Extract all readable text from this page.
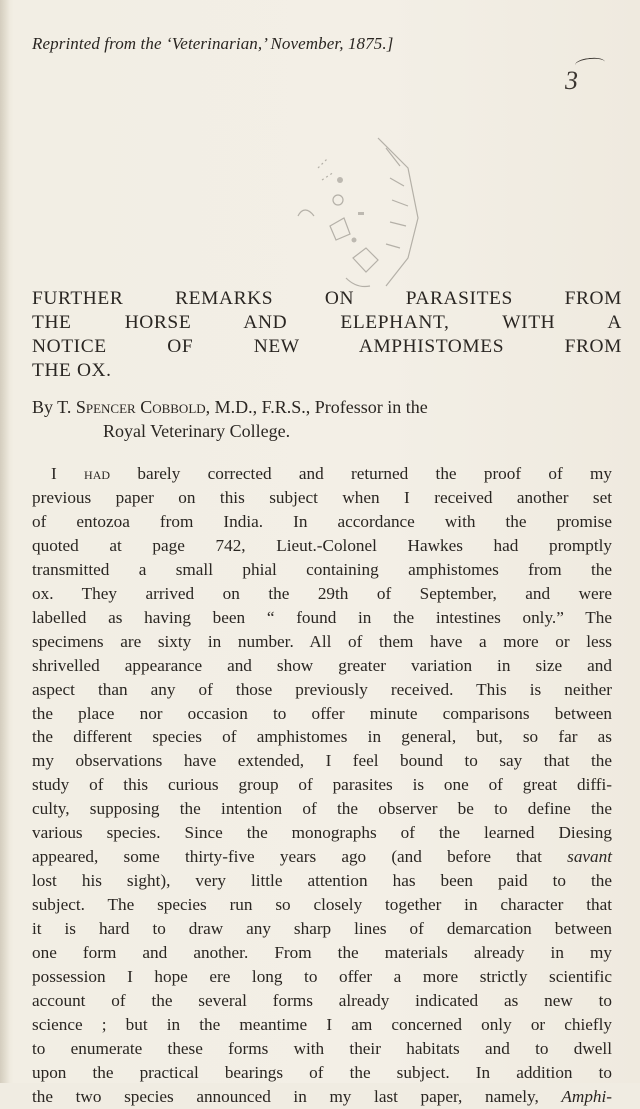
Reprinted from the ‘Veterinarian,’ November, 1875.]
3
FURTHER REMARKS ON PARASITES FROM
THE HORSE AND ELEPHANT, WITH A
NOTICE OF NEW AMPHISTOMES FROM
THE OX.
By T. Spencer Cobbold, M.D., F.R.S., Professor in the
Royal Veterinary College.
I had barely corrected and returned the proof of my
previous paper on this subject when I received another set
of entozoa from India. In accordance with the promise
quoted at page 742, Lieut.-Colonel Hawkes had promptly
transmitted a small phial containing amphistomes from the
ox. They arrived on the 29th of September, and were
labelled as having been “ found in the intestines only.” The
specimens are sixty in number. All of them have a more or less
shrivelled appearance and show greater variation in size and
aspect than any of those previously received. This is neither
the place nor occasion to offer minute comparisons between
the different species of amphistomes in general, but, so far as
my observations have extended, I feel bound to say that the
study of this curious group of parasites is one of great diffi-
culty, supposing the intention of the observer be to define the
various species. Since the monographs of the learned Diesing
appeared, some thirty-five years ago (and before that savant
lost his sight), very little attention has been paid to the
subject. The species run so closely together in character that
it is hard to draw any sharp lines of demarcation between
one form and another. From the materials already in my
possession I hope ere long to offer a more strictly scientific
account of the several forms already indicated as new to
science ; but in the meantime I am concerned only or chiefly
to enumerate these forms with their habitats and to dwell
upon the practical bearings of the subject. In addition to
the two species announced in my last paper, namely, Amphi-
